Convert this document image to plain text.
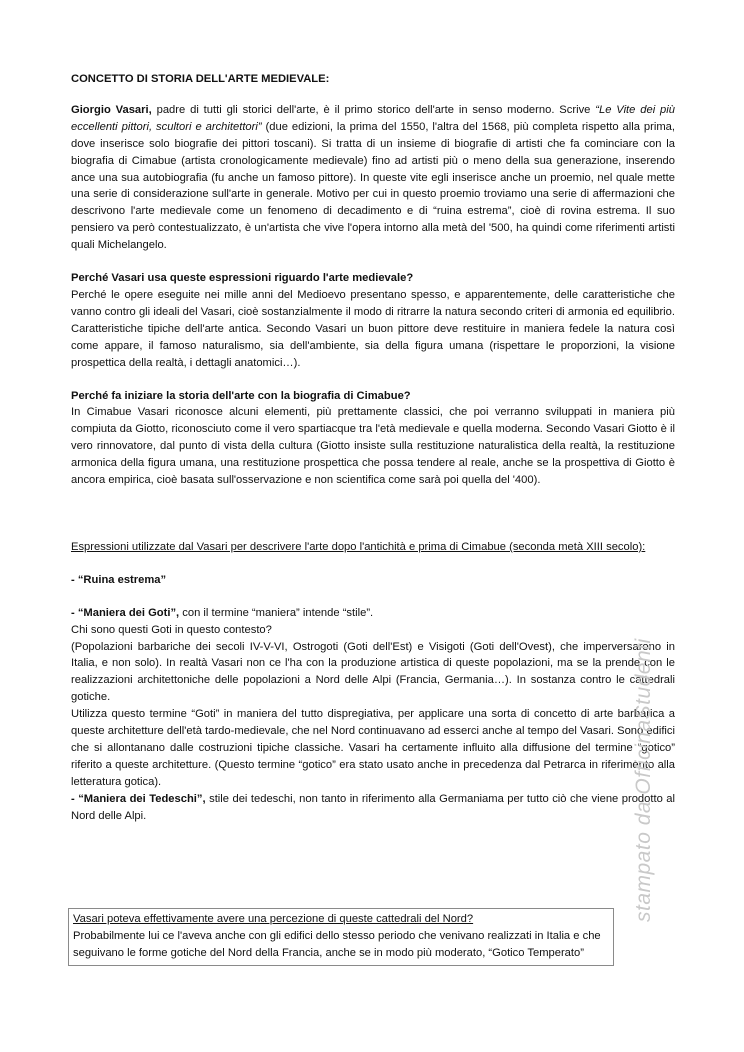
CONCETTO DI STORIA DELL'ARTE MEDIEVALE:

Giorgio Vasari, padre di tutti gli storici dell'arte, è il primo storico dell'arte in senso moderno. Scrive “Le Vite dei più eccellenti pittori, scultori e architettori” (due edizioni, la prima del 1550, l'altra del 1568, più completa rispetto alla prima, dove inserisce solo biografie dei pittori toscani). Si tratta di un insieme di biografie di artisti che fa cominciare con la biografia di Cimabue (artista cronologicamente medievale) fino ad artisti più o meno della sua generazione, inserendo ance una sua autobiografia (fu anche un famoso pittore). In queste vite egli inserisce anche un proemio, nel quale mette una serie di considerazione sull'arte in generale. Motivo per cui in questo proemio troviamo una serie di affermazioni che descrivono l'arte medievale come un fenomeno di decadimento e di “ruina estrema”, cioè di rovina estrema. Il suo pensiero va però contestualizzato, è un'artista che vive l'opera intorno alla metà del '500, ha quindi come riferimenti artisti quali Michelangelo.

Perché Vasari usa queste espressioni riguardo l'arte medievale?

Perché le opere eseguite nei mille anni del Medioevo presentano spesso, e apparentemente, delle caratteristiche che vanno contro gli ideali del Vasari, cioè sostanzialmente il modo di ritrarre la natura secondo criteri di armonia ed equilibrio. Caratteristiche tipiche dell'arte antica. Secondo Vasari un buon pittore deve restituire in maniera fedele la natura così come appare, il famoso naturalismo, sia dell'ambiente, sia della figura umana (rispettare le proporzioni, la visione prospettica della realtà, i dettagli anatomici…).

Perché fa iniziare la storia dell'arte con la biografia di Cimabue?

In Cimabue Vasari riconosce alcuni elementi, più prettamente classici, che poi verranno sviluppati in maniera più compiuta da Giotto, riconosciuto come il vero spartiacque tra l'età medievale e quella moderna. Secondo Vasari Giotto è il vero rinnovatore, dal punto di vista della cultura (Giotto insiste sulla restituzione naturalistica della realtà, la restituzione armonica della figura umana, una restituzione prospettica che possa tendere al reale, anche se la prospettiva di Giotto è ancora empirica, cioè basata sull'osservazione e non scientifica come sarà poi quella del '400).

Espressioni utilizzate dal Vasari per descrivere l'arte dopo l'antichità e prima di Cimabue (seconda metà XIII secolo):

- “Ruina estrema”

- “Maniera dei Goti”, con il termine “maniera” intende “stile”.

Chi sono questi Goti in questo contesto?

(Popolazioni barbariche dei secoli IV-V-VI, Ostrogoti (Goti dell'Est) e Visigoti (Goti dell'Ovest), che imperversarono in Italia, e non solo). In realtà Vasari non ce l'ha con la produzione artistica di queste popolazioni, ma se la prende con le realizzazioni architettoniche delle popolazioni a Nord delle Alpi (Francia, Germania…). In sostanza contro le cattedrali gotiche.

Utilizza questo termine “Goti” in maniera del tutto dispregiativa, per applicare una sorta di concetto di arte barbarica a queste architetture dell'età tardo-medievale, che nel Nord continuavano ad esserci anche al tempo del Vasari. Sono edifici che si allontanano dalle costruzioni tipiche classiche. Vasari ha certamente influito alla diffusione del termine “gotico” riferito a queste architetture. (Questo termine “gotico” era stato usato anche in precedenza dal Petrarca in riferimento alla letteratura gotica).

- “Maniera dei Tedeschi”, stile dei tedeschi, non tanto in riferimento alla Germaniama per tutto ciò che viene prodotto al Nord delle Alpi.

Vasari poteva effettivamente avere una percezione di queste cattedrali del Nord?

Probabilmente lui ce l'aveva anche con gli edifici dello stesso periodo che venivano realizzati in Italia e che seguivano le forme gotiche del Nord della Francia, anche se in modo più moderato, “Gotico Temperato”

stampato da OfficinaStudenti
